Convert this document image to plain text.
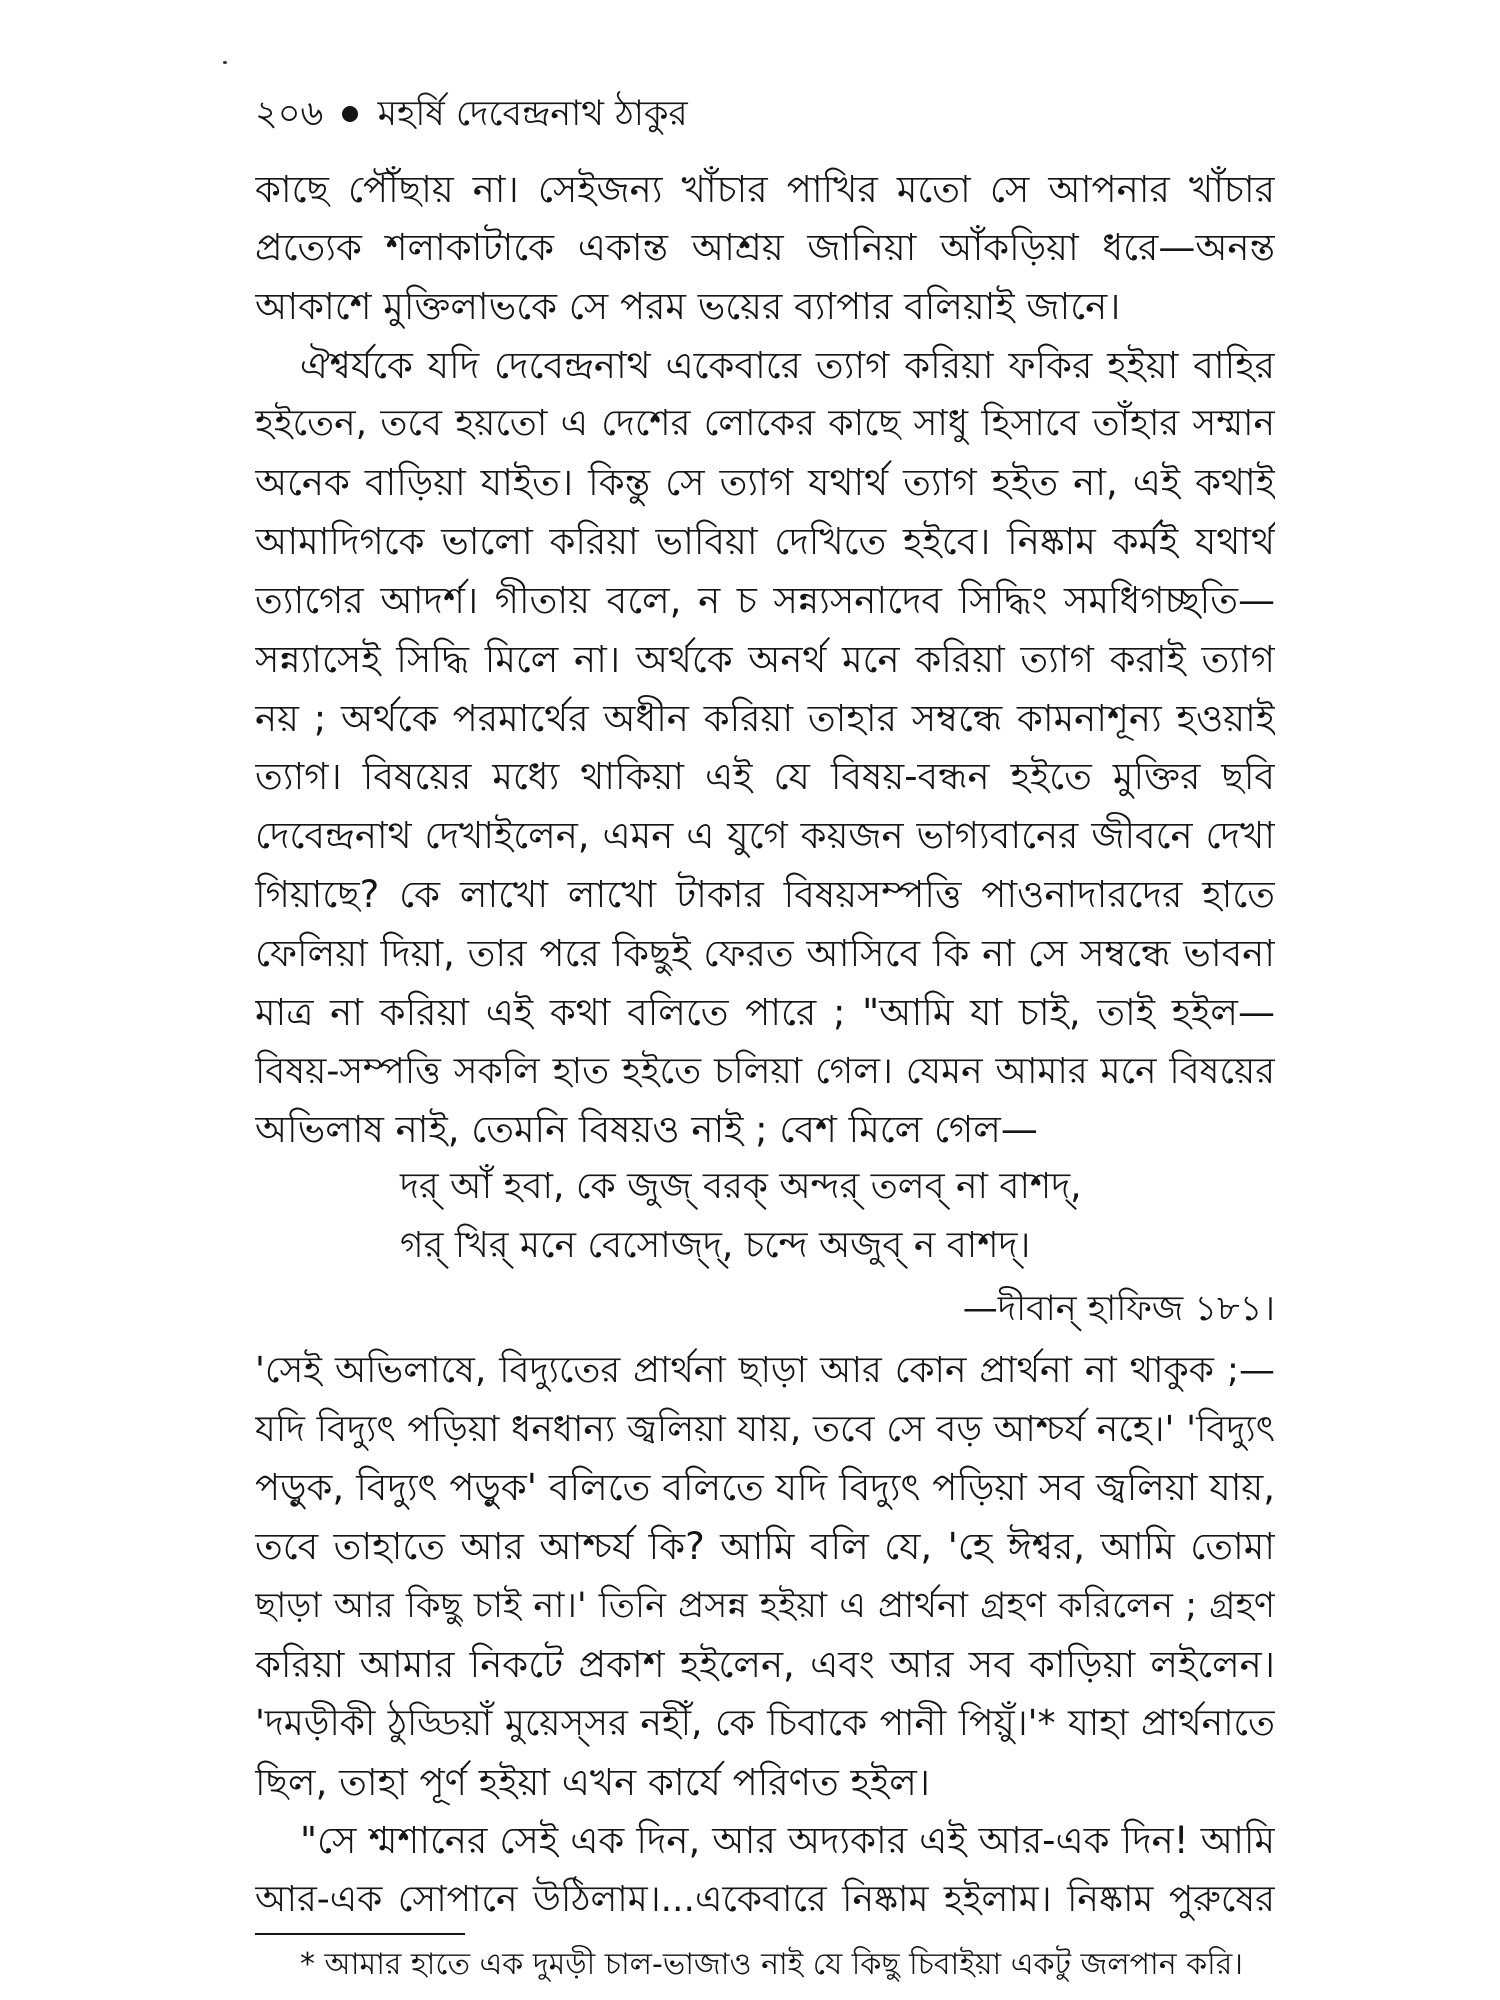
২০৬ মহর্ষি দেবেন্দ্রনাথ ঠাকুর
কাছে পৌঁছায় না। সেইজন্য খাঁচার পাখির মতো সে আপনার খাঁচার
প্রত্যেক শলাকাটাকে একান্ত আশ্রয় জানিয়া আঁকড়িয়া ধরে—অনন্ত
আকাশে মুক্তিলাভকে সে পরম ভয়ের ব্যাপার বলিয়াই জানে।
ঐশ্বর্যকে যদি দেবেন্দ্রনাথ একেবারে ত্যাগ করিয়া ফকির হইয়া বাহির
হইতেন, তবে হয়তো এ দেশের লোকের কাছে সাধু হিসাবে তাঁহার সম্মান
অনেক বাড়িয়া যাইত। কিন্তু সে ত্যাগ যথার্থ ত্যাগ হইত না, এই কথাই
আমাদিগকে ভালো করিয়া ভাবিয়া দেখিতে হইবে। নিষ্কাম কর্মই যথার্থ
ত্যাগের আদর্শ। গীতায় বলে, ন চ সন্ন্যসনাদেব সিদ্ধিং সমধিগচ্ছতি—
সন্ন্যাসেই সিদ্ধি মিলে না। অর্থকে অনর্থ মনে করিয়া ত্যাগ করাই ত্যাগ
নয় ; অর্থকে পরমার্থের অধীন করিয়া তাহার সম্বন্ধে কামনাশূন্য হওয়াই
ত্যাগ। বিষয়ের মধ্যে থাকিয়া এই যে বিষয়-বন্ধন হইতে মুক্তির ছবি
দেবেন্দ্রনাথ দেখাইলেন, এমন এ যুগে কয়জন ভাগ্যবানের জীবনে দেখা
গিয়াছে? কে লাখো লাখো টাকার বিষয়সম্পত্তি পাওনাদারদের হাতে
ফেলিয়া দিয়া, তার পরে কিছুই ফেরত আসিবে কি না সে সম্বন্ধে ভাবনা
মাত্র না করিয়া এই কথা বলিতে পারে ; "আমি যা চাই, তাই হইল—
বিষয়-সম্পত্তি সকলি হাত হইতে চলিয়া গেল। যেমন আমার মনে বিষয়ের
অভিলাষ নাই, তেমনি বিষয়ও নাই ; বেশ মিলে গেল—
দর্ আঁ হবা, কে জুজ্ বরক্ অন্দর্ তলব্ না বাশদ্,
গর্ খির্ মনে বেসোজ্দ্, চন্দে অজুব্ ন বাশদ্।
—দীবান্ হাফিজ ১৮১।
'সেই অভিলাষে, বিদ্যুতের প্রার্থনা ছাড়া আর কোন প্রার্থনা না থাকুক ;—
যদি বিদ্যুৎ পড়িয়া ধনধান্য জ্বলিয়া যায়, তবে সে বড় আশ্চর্য নহে।' 'বিদ্যুৎ
পড়ুক, বিদ্যুৎ পড়ুক' বলিতে বলিতে যদি বিদ্যুৎ পড়িয়া সব জ্বলিয়া যায়,
তবে তাহাতে আর আশ্চর্য কি? আমি বলি যে, 'হে ঈশ্বর, আমি তোমা
ছাড়া আর কিছু চাই না।' তিনি প্রসন্ন হইয়া এ প্রার্থনা গ্রহণ করিলেন ; গ্রহণ
করিয়া আমার নিকটে প্রকাশ হইলেন, এবং আর সব কাড়িয়া লইলেন।
'দমড়ীকী ঠুড্ডিয়াঁ মুয়েস্সর নহীঁ, কে চিবাকে পানী পিয়ুঁ।'* যাহা প্রার্থনাতে
ছিল, তাহা পূর্ণ হইয়া এখন কার্যে পরিণত হইল।
"সে শ্মশানের সেই এক দিন, আর অদ্যকার এই আর-এক দিন! আমি
আর-এক সোপানে উঠিলাম।...একেবারে নিষ্কাম হইলাম। নিষ্কাম পুরুষের
* আমার হাতে এক দুমড়ী চাল-ভাজাও নাই যে কিছু চিবাইয়া একটু জলপান করি।
